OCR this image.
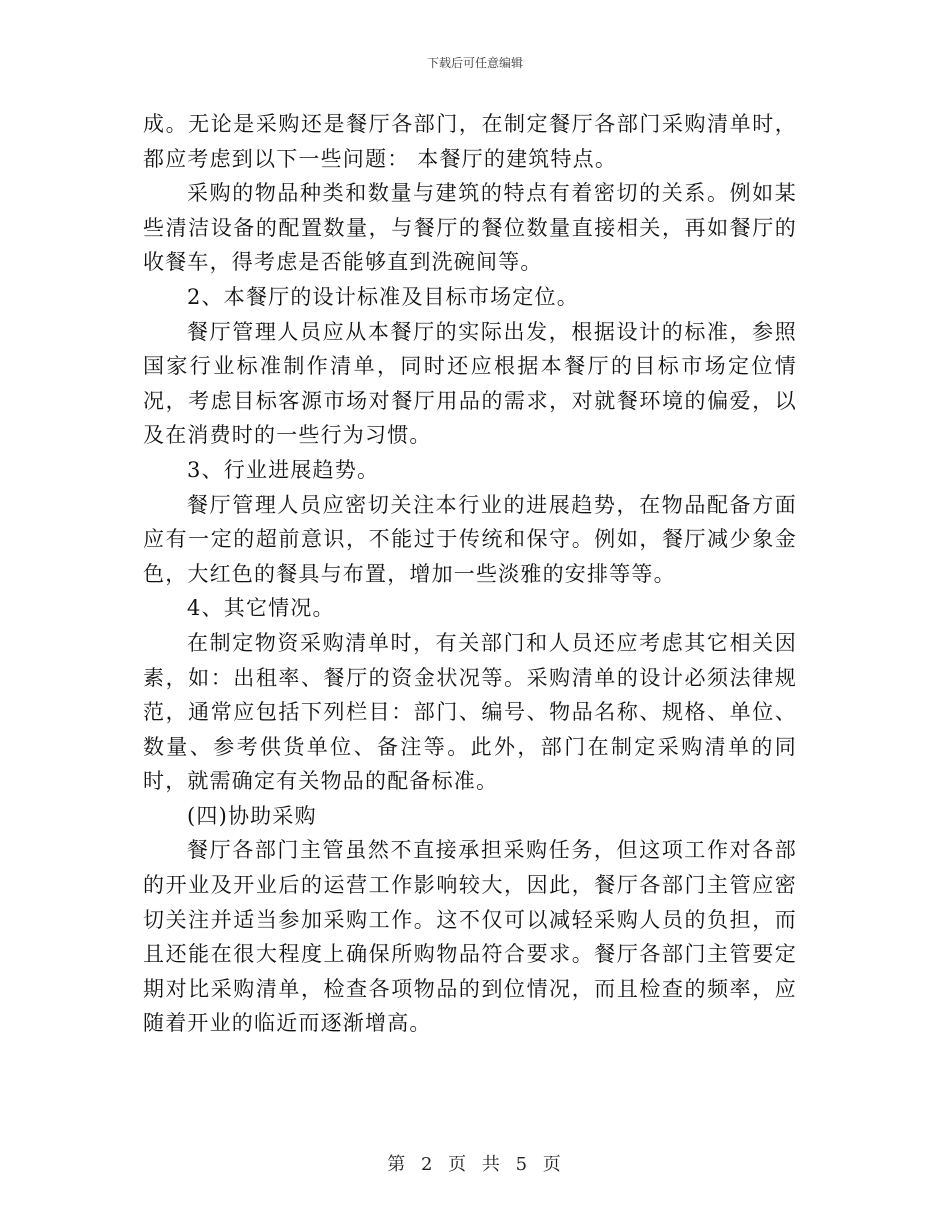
下载后可任意编辑

成。无论是采购还是餐厅各部门，在制定餐厅各部门采购清单时，都应考虑到以下一些问题： 本餐厅的建筑特点。

采购的物品种类和数量与建筑的特点有着密切的关系。例如某些清洁设备的配置数量，与餐厅的餐位数量直接相关，再如餐厅的收餐车，得考虑是否能够直到洗碗间等。

2、本餐厅的设计标准及目标市场定位。

餐厅管理人员应从本餐厅的实际出发，根据设计的标准，参照国家行业标准制作清单，同时还应根据本餐厅的目标市场定位情况，考虑目标客源市场对餐厅用品的需求，对就餐环境的偏爱，以及在消费时的一些行为习惯。

3、行业进展趋势。

餐厅管理人员应密切关注本行业的进展趋势，在物品配备方面应有一定的超前意识，不能过于传统和保守。例如，餐厅减少象金色，大红色的餐具与布置，增加一些淡雅的安排等等。

4、其它情况。

在制定物资采购清单时，有关部门和人员还应考虑其它相关因素，如：出租率、餐厅的资金状况等。采购清单的设计必须法律规范，通常应包括下列栏目：部门、编号、物品名称、规格、单位、数量、参考供货单位、备注等。此外，部门在制定采购清单的同时，就需确定有关物品的配备标准。

(四)协助采购

餐厅各部门主管虽然不直接承担采购任务，但这项工作对各部的开业及开业后的运营工作影响较大，因此，餐厅各部门主管应密切关注并适当参加采购工作。这不仅可以减轻采购人员的负担，而且还能在很大程度上确保所购物品符合要求。餐厅各部门主管要定期对比采购清单，检查各项物品的到位情况，而且检查的频率，应随着开业的临近而逐渐增高。

第 2 页 共 5 页
